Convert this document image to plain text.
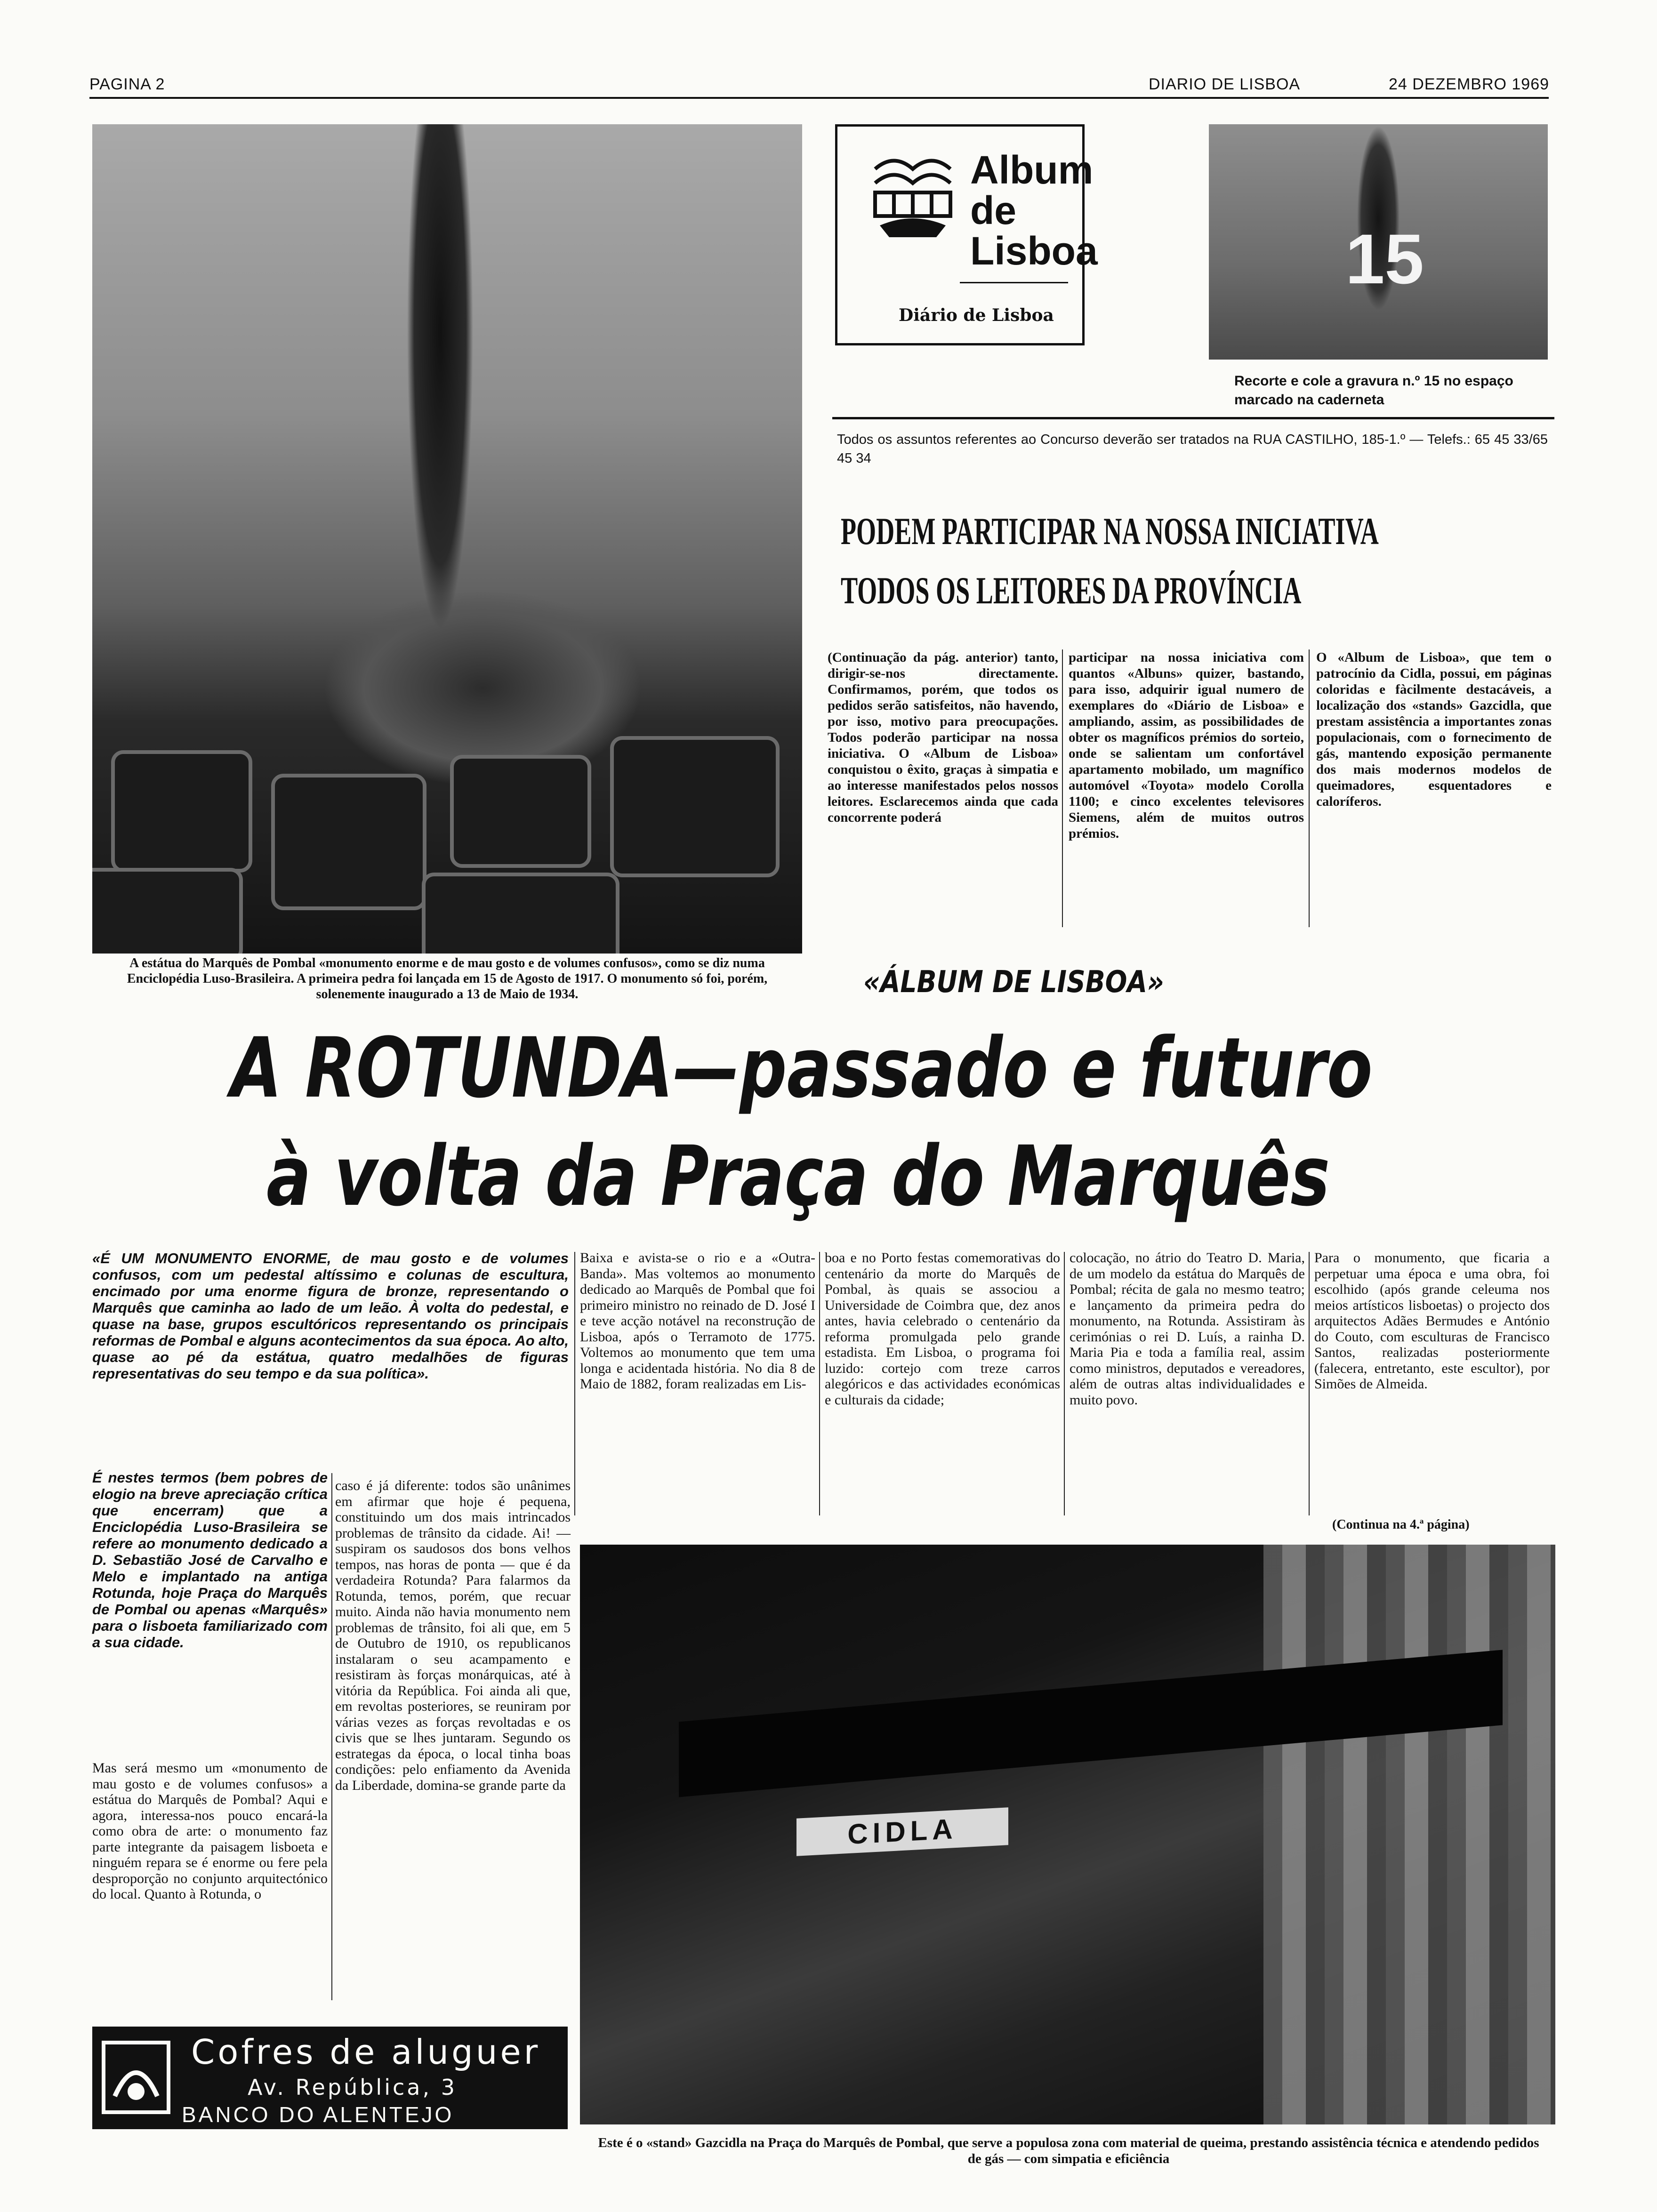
PAGINA 2	DIARIO DE LISBOA	24 DEZEMBRO 1969
A estátua do Marquês de Pombal «monumento enorme e de mau gosto e de volumes confusos», como se diz numa Enciclopédia Luso-Brasileira. A primeira pedra foi lançada em 15 de Agosto de 1917. O monumento só foi, porém, solenemente inaugurado a 13 de Maio de 1934.
Album
de
Lisboa
Diário de Lisboa
15
Recorte e cole a gravura n.º 15 no espaço marcado na caderneta
Todos os assuntos referentes ao Concurso deverão ser tratados na RUA CASTILHO, 185-1.º — Telefs.: 65 45 33/65 45 34
PODEM PARTICIPAR NA NOSSA INICIATIVA
TODOS OS LEITORES DA PROVÍNCIA
(Continuação da pág. anterior) tanto, dirigir-se-nos directamente. Confirmamos, porém, que todos os pedidos serão satisfeitos, não havendo, por isso, motivo para preocupações. Todos poderão participar na nossa iniciativa. O «Album de Lisboa» conquistou o êxito, graças à simpatia e ao interesse manifestados pelos nossos leitores. Esclarecemos ainda que cada concorrente poderá
participar na nossa iniciativa com quantos «Albuns» quizer, bastando, para isso, adquirir igual numero de exemplares do «Diário de Lisboa» e ampliando, assim, as possibilidades de obter os magníficos prémios do sorteio, onde se salientam um confortável apartamento mobilado, um magnífico automóvel «Toyota» modelo Corolla 1100; e cinco excelentes televisores Siemens, além de muitos outros prémios.
O «Album de Lisboa», que tem o patrocínio da Cidla, possui, em páginas coloridas e fàcilmente destacáveis, a localização dos «stands» Gazcidla, que prestam assistência a importantes zonas populacionais, com o fornecimento de gás, mantendo exposição permanente dos mais modernos modelos de queimadores, esquentadores e caloríferos.
«ÁLBUM DE LISBOA»
A ROTUNDA—passado e futuro
à volta da Praça do Marquês
«É UM MONUMENTO ENORME, de mau gosto e de volumes confusos, com um pedestal altíssimo e colunas de escultura, encimado por uma enorme figura de bronze, representando o Marquês que caminha ao lado de um leão. À volta do pedestal, e quase na base, grupos escultóricos representando os principais reformas de Pombal e alguns acontecimentos da sua época. Ao alto, quase ao pé da estátua, quatro medalhões de figuras representativas do seu tempo e da sua política».
É nestes termos (bem pobres de elogio na breve apreciação crítica que encerram) que a Enciclopédia Luso-Brasileira se refere ao monumento dedicado a D. Sebastião José de Carvalho e Melo e implantado na antiga Rotunda, hoje Praça do Marquês de Pombal ou apenas «Marquês» para o lisboeta familiarizado com a sua cidade.
Mas será mesmo um «monumento de mau gosto e de volumes confusos» a estátua do Marquês de Pombal? Aqui e agora, interessa-nos pouco encará-la como obra de arte: o monumento faz parte integrante da paisagem lisboeta e ninguém repara se é enorme ou fere pela desproporção no conjunto arquitectónico do local. Quanto à Rotunda, o
caso é já diferente: todos são unânimes em afirmar que hoje é pequena, constituindo um dos mais intrincados problemas de trânsito da cidade. Ai! — suspiram os saudosos dos bons velhos tempos, nas horas de ponta — que é da verdadeira Rotunda? Para falarmos da Rotunda, temos, porém, que recuar muito. Ainda não havia monumento nem problemas de trânsito, foi ali que, em 5 de Outubro de 1910, os republicanos instalaram o seu acampamento e resistiram às forças monárquicas, até à vitória da República. Foi ainda ali que, em revoltas posteriores, se reuniram por várias vezes as forças revoltadas e os civis que se lhes juntaram. Segundo os estrategas da época, o local tinha boas condições: pelo enfiamento da Avenida da Liberdade, domina-se grande parte da
Baixa e avista-se o rio e a «Outra-Banda». Mas voltemos ao monumento dedicado ao Marquês de Pombal que foi primeiro ministro no reinado de D. José I e teve acção notável na reconstrução de Lisboa, após o Terramoto de 1775. Voltemos ao monumento que tem uma longa e acidentada história. No dia 8 de Maio de 1882, foram realizadas em Lis-
boa e no Porto festas comemorativas do centenário da morte do Marquês de Pombal, às quais se associou a Universidade de Coimbra que, dez anos antes, havia celebrado o centenário da reforma promulgada pelo grande estadista. Em Lisboa, o programa foi luzido: cortejo com treze carros alegóricos e das actividades económicas e culturais da cidade;
colocação, no átrio do Teatro D. Maria, de um modelo da estátua do Marquês de Pombal; récita de gala no mesmo teatro; e lançamento da primeira pedra do monumento, na Rotunda. Assistiram às cerimónias o rei D. Luís, a rainha D. Maria Pia e toda a família real, assim como ministros, deputados e vereadores, além de outras altas individualidades e muito povo.
Para o monumento, que ficaria a perpetuar uma época e uma obra, foi escolhido (após grande celeuma nos meios artísticos lisboetas) o projecto dos arquitectos Adães Bermudes e António do Couto, com esculturas de Francisco Santos, realizadas posteriormente (falecera, entretanto, este escultor), por Simões de Almeida.
(Continua na 4.ª página)
CIDLA
Este é o «stand» Gazcidla na Praça do Marquês de Pombal, que serve a populosa zona com material de queima, prestando assistência técnica e atendendo pedidos de gás — com simpatia e eficiência
Cofres de aluguer
Av. República, 3
BANCO DO ALENTEJO
